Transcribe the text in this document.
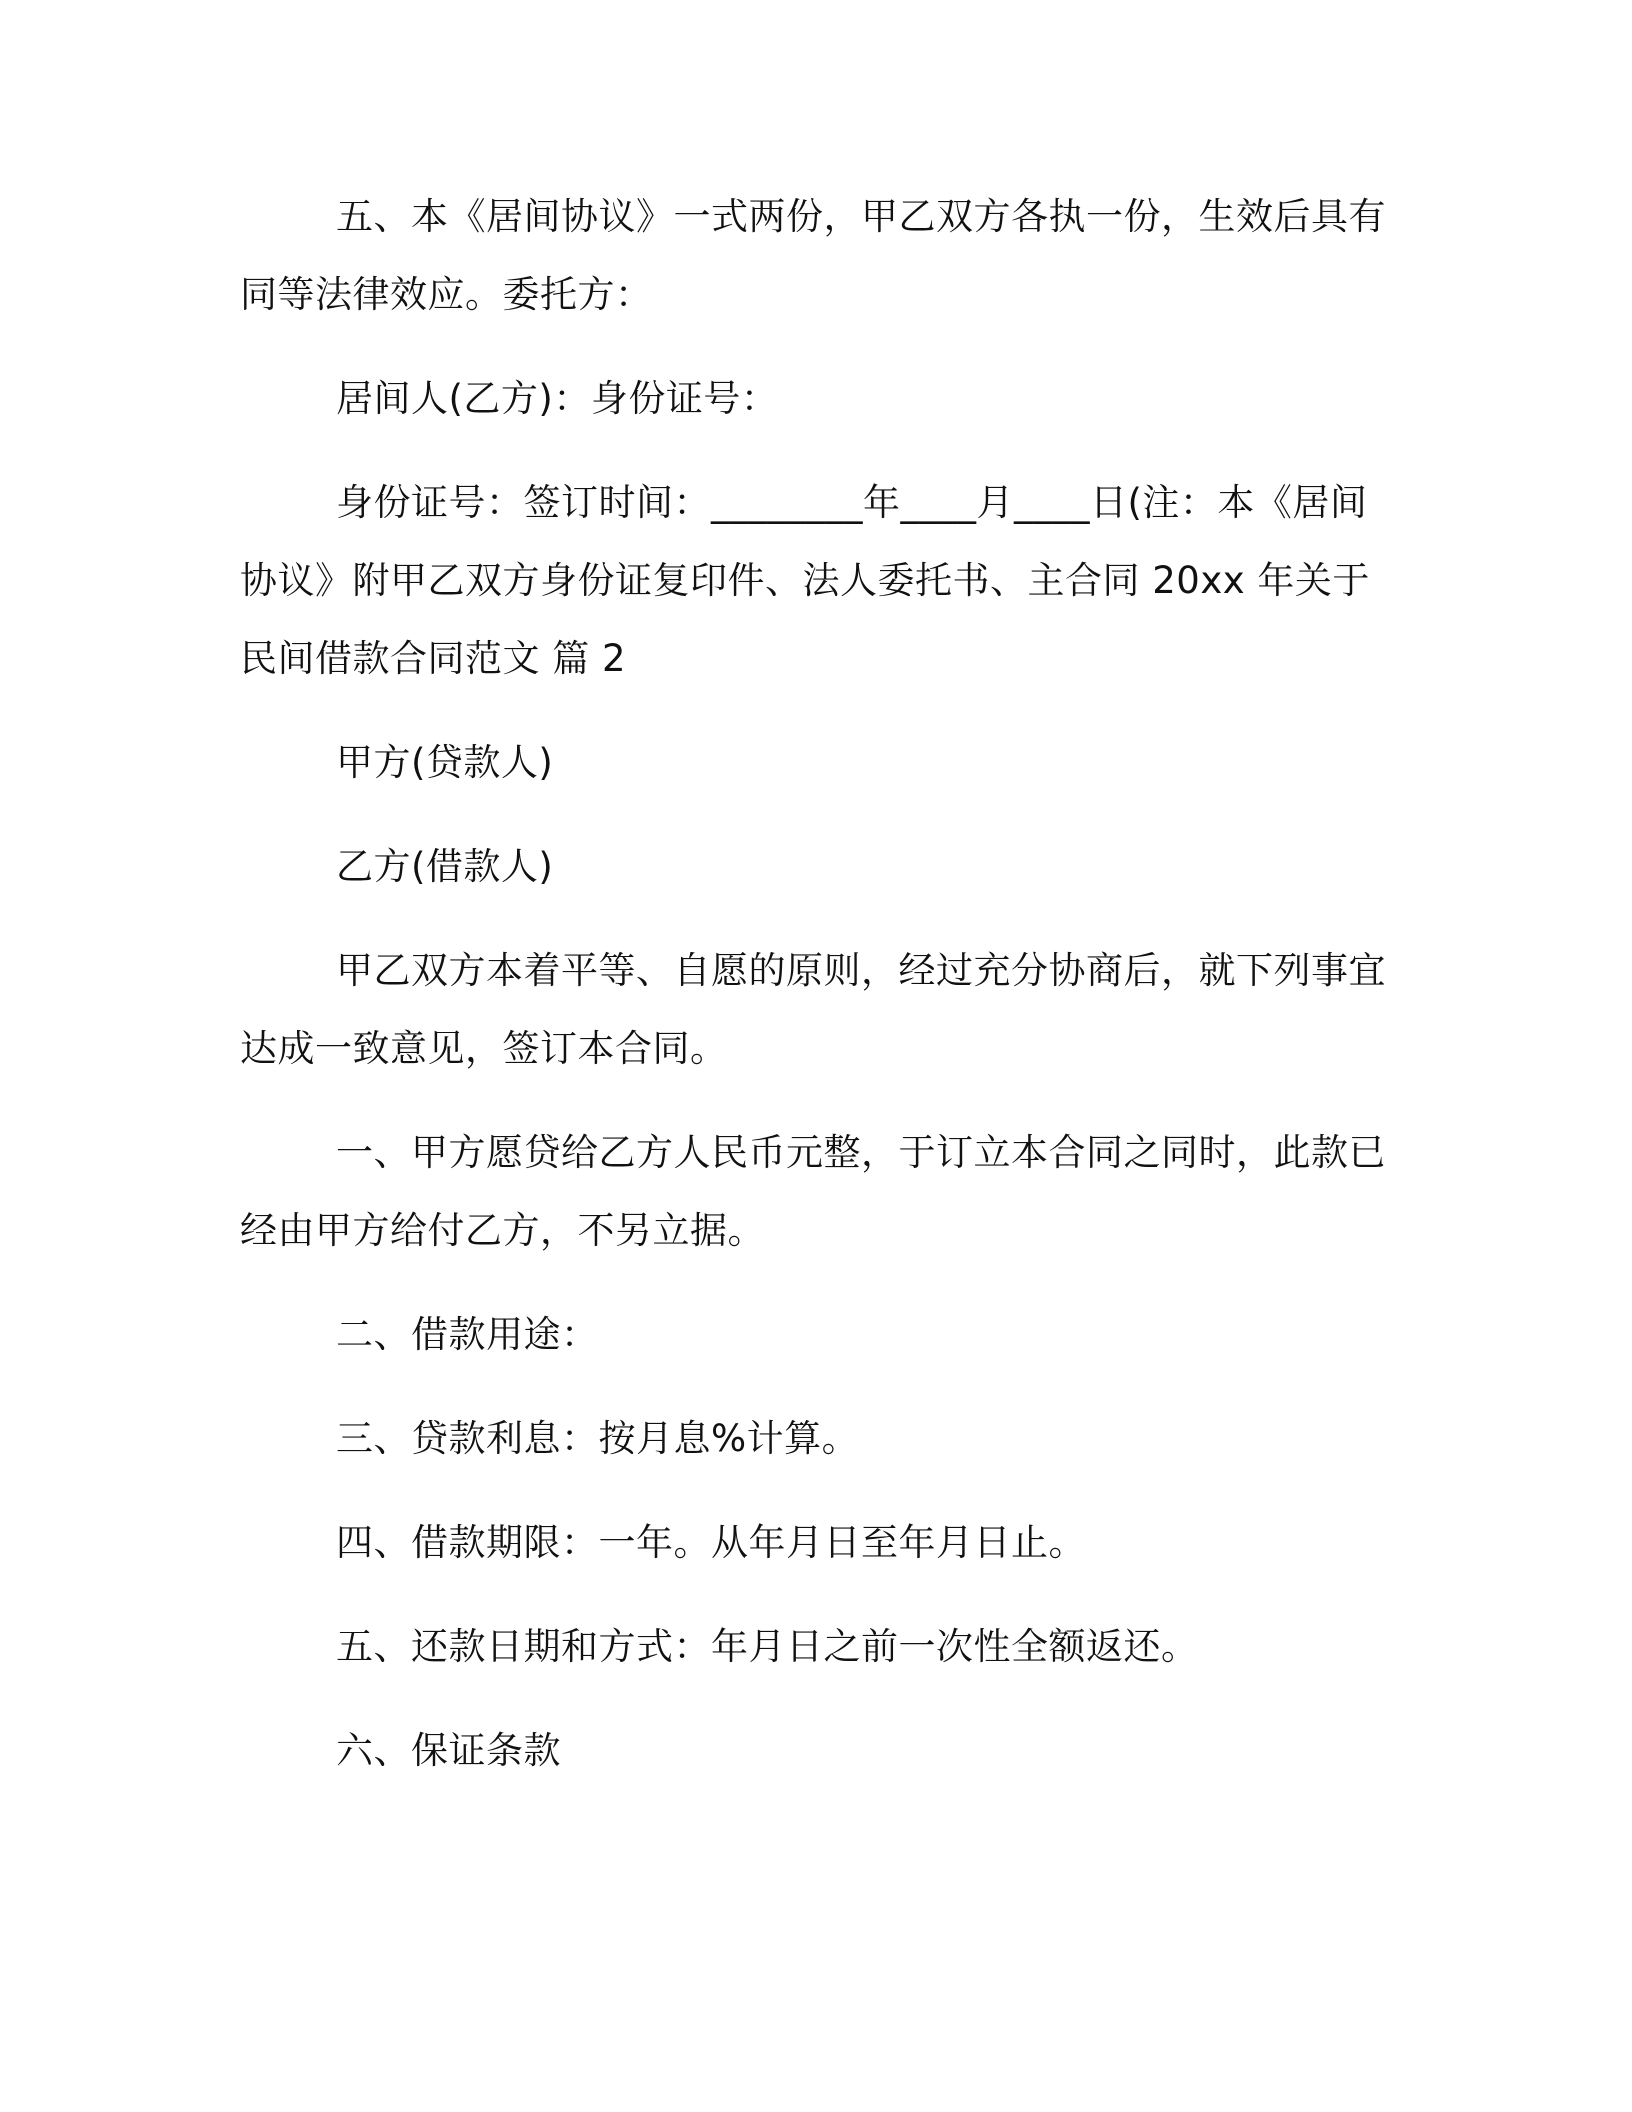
五、本《居间协议》一式两份，甲乙双方各执一份，生效后具有同等法律效应。委托方：

居间人(乙方)：身份证号：

身份证号：签订时间：________年____月____日(注：本《居间协议》附甲乙双方身份证复印件、法人委托书、主合同 20xx 年关于民间借款合同范文 篇 2

甲方(贷款人)

乙方(借款人)

甲乙双方本着平等、自愿的原则，经过充分协商后，就下列事宜达成一致意见，签订本合同。

一、甲方愿贷给乙方人民币元整，于订立本合同之同时，此款已经由甲方给付乙方，不另立据。

二、借款用途：

三、贷款利息：按月息%计算。

四、借款期限：一年。从年月日至年月日止。

五、还款日期和方式：年月日之前一次性全额返还。

六、保证条款
